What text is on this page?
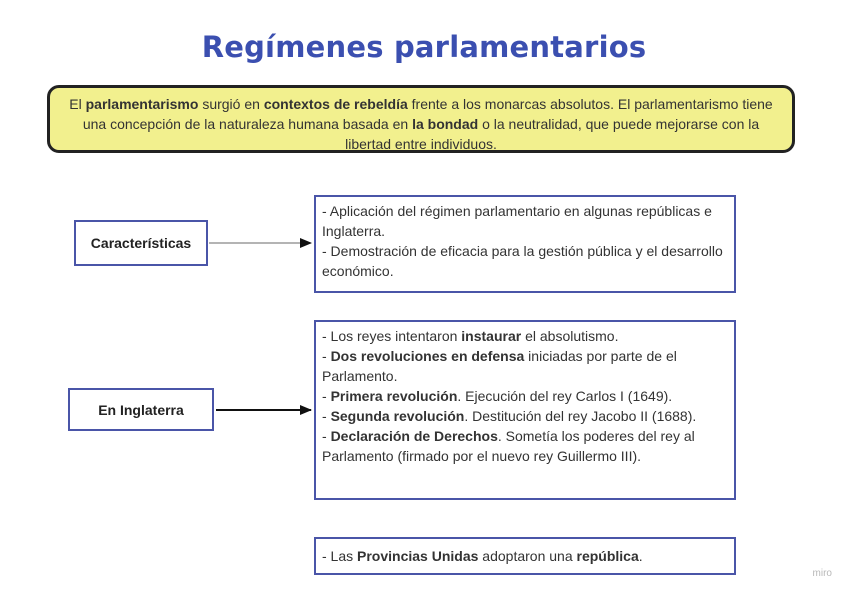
Regímenes parlamentarios
El parlamentarismo surgió en contextos de rebeldía frente a los monarcas absolutos. El parlamentarismo tiene una concepción de la naturaleza humana basada en la bondad o la neutralidad, que puede mejorarse con la libertad entre individuos.
Características
- Aplicación del régimen parlamentario en algunas repúblicas e Inglaterra.
- Demostración de eficacia para la gestión pública y el desarrollo económico.
En Inglaterra
- Los reyes intentaron instaurar el absolutismo.
- Dos revoluciones en defensa iniciadas por parte de el Parlamento.
- Primera revolución. Ejecución del rey Carlos I (1649).
- Segunda revolución. Destitución del rey Jacobo II (1688).
- Declaración de Derechos. Sometía los poderes del rey al Parlamento (firmado por el nuevo rey Guillermo III).
- Las Provincias Unidas adoptaron una república.
miro
